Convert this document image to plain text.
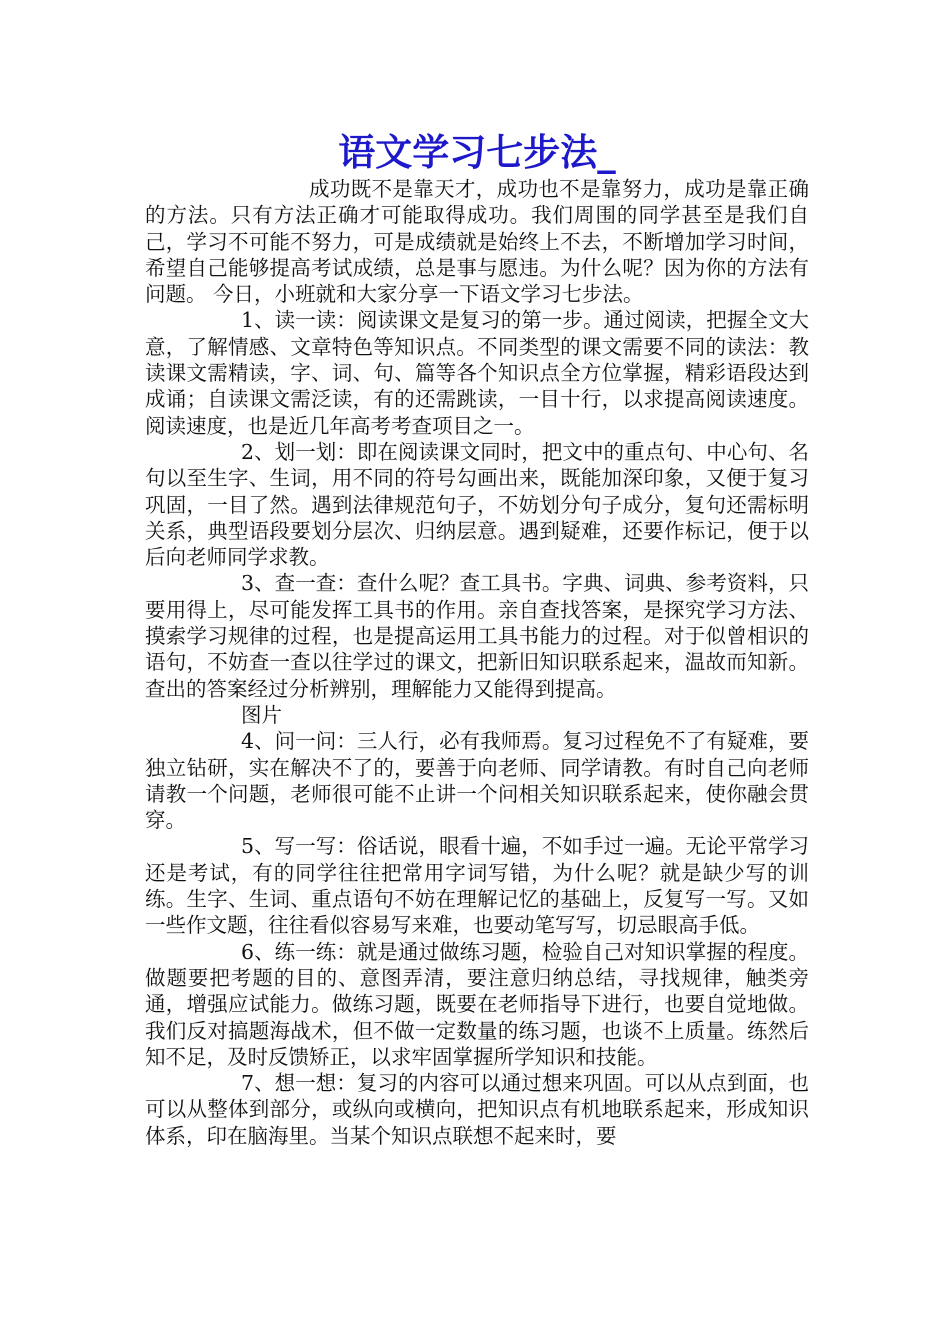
语文学习七步法_

成功既不是靠天才，成功也不是靠努力，成功是靠正确的方法。只有方法正确才可能取得成功。我们周围的同学甚至是我们自己，学习不可能不努力，可是成绩就是始终上不去，不断增加学习时间，希望自己能够提高考试成绩，总是事与愿违。为什么呢？因为你的方法有问题。 今日，小班就和大家分享一下语文学习七步法。

1、读一读：阅读课文是复习的第一步。通过阅读，把握全文大意，了解情感、文章特色等知识点。不同类型的课文需要不同的读法：教读课文需精读，字、词、句、篇等各个知识点全方位掌握，精彩语段达到成诵；自读课文需泛读，有的还需跳读，一目十行，以求提高阅读速度。阅读速度，也是近几年高考考查项目之一。

2、划一划：即在阅读课文同时，把文中的重点句、中心句、名句以至生字、生词，用不同的符号勾画出来，既能加深印象，又便于复习巩固，一目了然。遇到法律规范句子，不妨划分句子成分，复句还需标明关系，典型语段要划分层次、归纳层意。遇到疑难，还要作标记，便于以后向老师同学求教。

3、查一查：查什么呢？查工具书。字典、词典、参考资料，只要用得上，尽可能发挥工具书的作用。亲自查找答案，是探究学习方法、摸索学习规律的过程，也是提高运用工具书能力的过程。对于似曾相识的语句，不妨查一查以往学过的课文，把新旧知识联系起来，温故而知新。查出的答案经过分析辨别，理解能力又能得到提高。

图片

4、问一问：三人行，必有我师焉。复习过程免不了有疑难，要独立钻研，实在解决不了的，要善于向老师、同学请教。有时自己向老师请教一个问题，老师很可能不止讲一个问相关知识联系起来，使你融会贯穿。

5、写一写：俗话说，眼看十遍，不如手过一遍。无论平常学习还是考试，有的同学往往把常用字词写错，为什么呢？就是缺少写的训练。生字、生词、重点语句不妨在理解记忆的基础上，反复写一写。又如一些作文题，往往看似容易写来难，也要动笔写写，切忌眼高手低。

6、练一练：就是通过做练习题，检验自己对知识掌握的程度。做题要把考题的目的、意图弄清，要注意归纳总结，寻找规律，触类旁通，增强应试能力。做练习题，既要在老师指导下进行，也要自觉地做。我们反对搞题海战术，但不做一定数量的练习题，也谈不上质量。练然后知不足，及时反馈矫正，以求牢固掌握所学知识和技能。

7、想一想：复习的内容可以通过想来巩固。可以从点到面，也可以从整体到部分，或纵向或横向，把知识点有机地联系起来，形成知识体系，印在脑海里。当某个知识点联想不起来时，要
